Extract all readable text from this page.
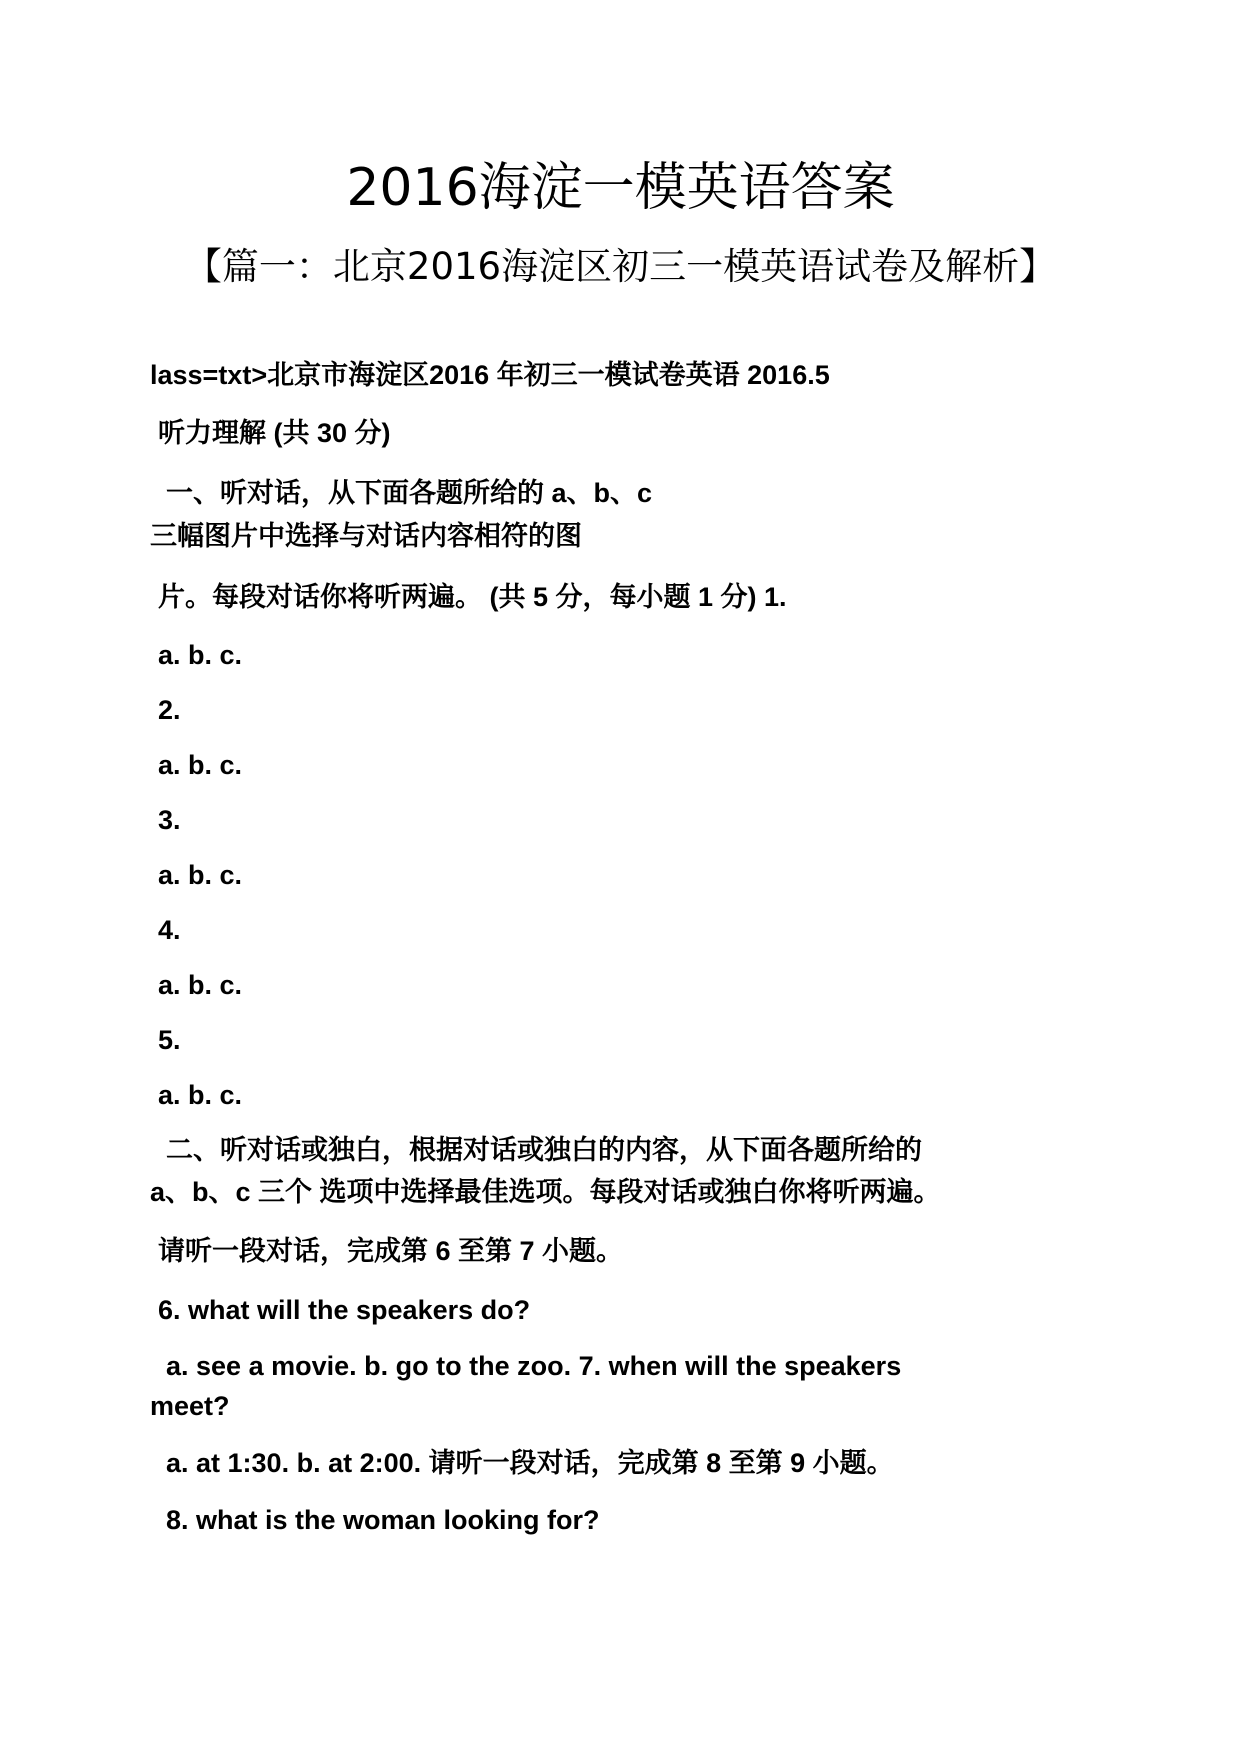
2016海淀一模英语答案
【篇一：北京2016海淀区初三一模英语试卷及解析】

lass=txt>北京市海淀区2016 年初三一模试卷英语 2016.5

听力理解 (共 30 分)

一、听对话，从下面各题所给的 a、b、c

三幅图片中选择与对话内容相符的图

片。每段对话你将听两遍。 (共 5 分，每小题 1 分) 1.

a. b. c.

2.

a. b. c.

3.

a. b. c.

4.

a. b. c.

5.

a. b. c.

二、听对话或独白，根据对话或独白的内容，从下面各题所给的

a、b、c 三个 选项中选择最佳选项。每段对话或独白你将听两遍。

请听一段对话，完成第 6 至第 7 小题。

6. what will the speakers do?

a. see a movie. b. go to the zoo. 7. when will the speakers

meet?

a. at 1:30. b. at 2:00. 请听一段对话，完成第 8 至第 9 小题。

8. what is the woman looking for?
